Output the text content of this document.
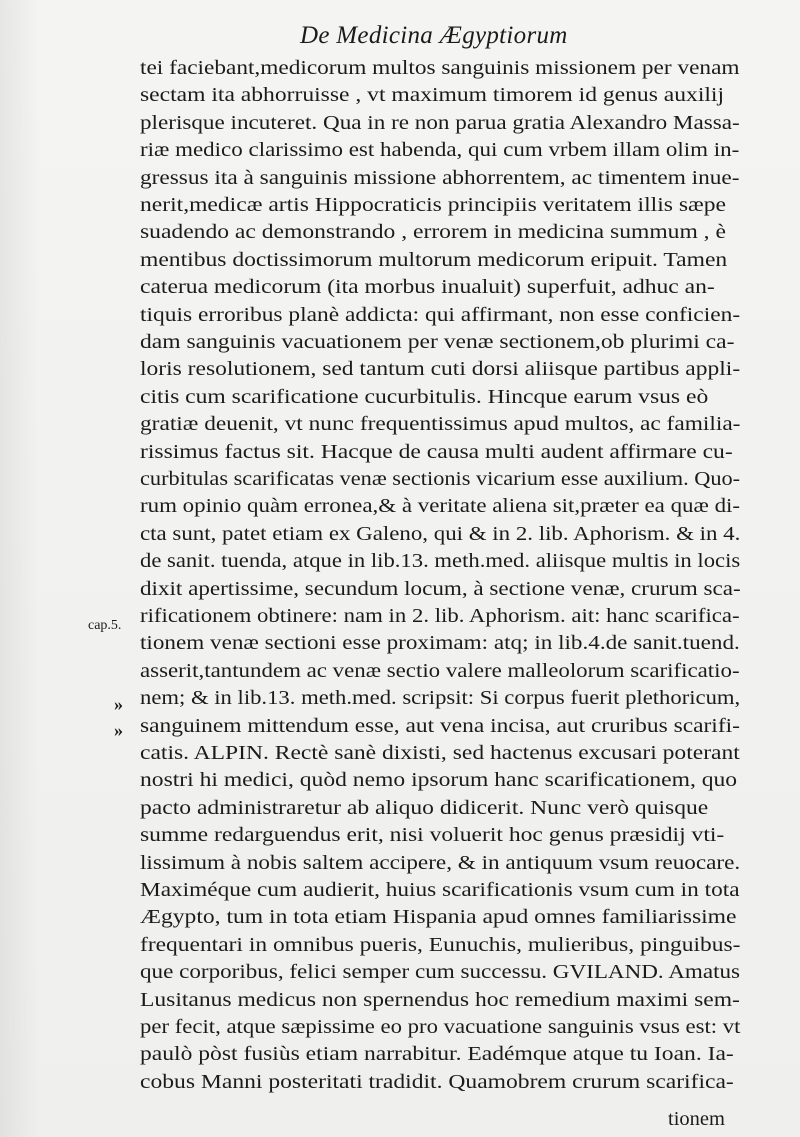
De Medicina Ægyptiorum
tei faciebant,medicorum multos sanguinis missionem per venam
sectam ita abhorruisse , vt maximum timorem id genus auxilij
plerisque incuteret. Qua in re non parua gratia Alexandro Massa-
riæ medico clarissimo est habenda, qui cum vrbem illam olim in-
gressus ita à sanguinis missione abhorrentem, ac timentem inue-
nerit,medicæ artis Hippocraticis principiis veritatem illis sæpe
suadendo ac demonstrando , errorem in medicina summum , è
mentibus doctissimorum multorum medicorum eripuit. Tamen
caterua medicorum (ita morbus inualuit) superfuit, adhuc an-
tiquis erroribus planè addicta: qui affirmant, non esse conficien-
dam sanguinis vacuationem per venæ sectionem,ob plurimi ca-
loris resolutionem, sed tantum cuti dorsi aliisque partibus appli-
citis cum scarificatione cucurbitulis. Hincque earum vsus eò
gratiæ deuenit, vt nunc frequentissimus apud multos, ac familia-
rissimus factus sit. Hacque de causa multi audent affirmare cu-
curbitulas scarificatas venæ sectionis vicarium esse auxilium. Quo-
rum opinio quàm erronea,& à veritate aliena sit,præter ea quæ di-
cta sunt, patet etiam ex Galeno, qui & in 2. lib. Aphorism. & in 4.
de sanit. tuenda, atque in lib.13. meth.med. aliisque multis in locis
dixit apertissime, secundum locum, à sectione venæ, crurum sca-
rificationem obtinere: nam in 2. lib. Aphorism. ait: hanc scarifica-
tionem venæ sectioni esse proximam: atq; in lib.4.de sanit.tuend.
asserit,tantundem ac venæ sectio valere malleolorum scarificatio-
nem; & in lib.13. meth.med. scripsit: Si corpus fuerit plethoricum,
sanguinem mittendum esse, aut vena incisa, aut cruribus scarifi-
catis. ALPIN. Rectè sanè dixisti, sed hactenus excusari poterant
nostri hi medici, quòd nemo ipsorum hanc scarificationem, quo
pacto administraretur ab aliquo didicerit. Nunc verò quisque
summe redarguendus erit, nisi voluerit hoc genus præsidij vti-
lissimum à nobis saltem accipere, & in antiquum vsum reuocare.
Maximéque cum audierit, huius scarificationis vsum cum in tota
Ægypto, tum in tota etiam Hispania apud omnes familiarissime
frequentari in omnibus pueris, Eunuchis, mulieribus, pinguibus-
que corporibus, felici semper cum successu. GVILAND. Amatus
Lusitanus medicus non spernendus hoc remedium maximi sem-
per fecit, atque sæpissime eo pro vacuatione sanguinis vsus est: vt
paulò pòst fusiùs etiam narrabitur. Eadémque atque tu Ioan. Ia-
cobus Manni posteritati tradidit. Quamobrem crurum scarifica-
tionem
cap.5.
»
»
